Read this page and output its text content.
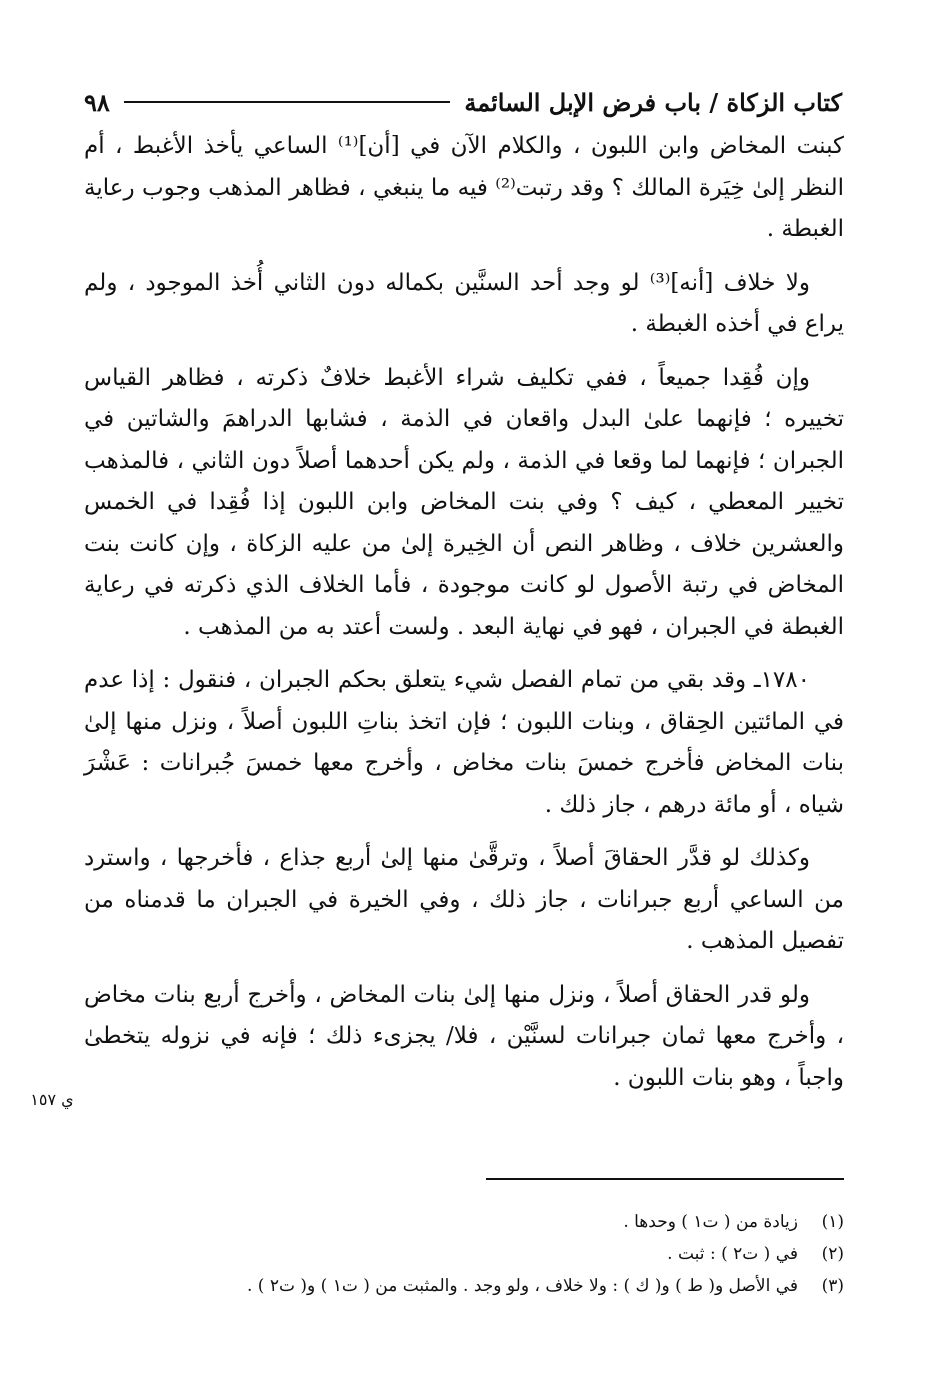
كتاب الزكاة / باب فرض الإبل السائمة
٩٨

كبنت المخاض وابن اللبون ، والكلام الآن في [أن]⁽¹⁾ الساعي يأخذ الأغبط ، أم النظر إلىٰ خِيَرة المالك ؟ وقد رتبت⁽²⁾ فيه ما ينبغي ، فظاهر المذهب وجوب رعاية الغبطة .

ولا خلاف [أنه]⁽³⁾ لو وجد أحد السنَّين بكماله دون الثاني أُخذ الموجود ، ولم يراع في أخذه الغبطة .

وإن فُقِدا جميعاً ، ففي تكليف شراء الأغبط خلافٌ ذكرته ، فظاهر القياس تخييره ؛ فإنهما علىٰ البدل واقعان في الذمة ، فشابها الدراهمَ والشاتين في الجبران ؛ فإنهما لما وقعا في الذمة ، ولم يكن أحدهما أصلاً دون الثاني ، فالمذهب تخيير المعطي ، كيف ؟ وفي بنت المخاض وابن اللبون إذا فُقِدا في الخمس والعشرين خلاف ، وظاهر النص أن الخِيرة إلىٰ من عليه الزكاة ، وإن كانت بنت المخاض في رتبة الأصول لو كانت موجودة ، فأما الخلاف الذي ذكرته في رعاية الغبطة في الجبران ، فهو في نهاية البعد . ولست أعتد به من المذهب .

١٧٨٠ـ وقد بقي من تمام الفصل شيء يتعلق بحكم الجبران ، فنقول : إذا عدم في المائتين الحِقاق ، وبنات اللبون ؛ فإن اتخذ بناتِ اللبون أصلاً ، ونزل منها إلىٰ بنات المخاض فأخرج خمسَ بنات مخاض ، وأخرج معها خمسَ جُبرانات : عَشْرَ شياه ، أو مائة درهم ، جاز ذلك .

وكذلك لو قدَّر الحقاقَ أصلاً ، وترقَّىٰ منها إلىٰ أربع جذاع ، فأخرجها ، واسترد من الساعي أربع جبرانات ، جاز ذلك ، وفي الخيرة في الجبران ما قدمناه من تفصيل المذهب .

ولو قدر الحقاق أصلاً ، ونزل منها إلىٰ بنات المخاض ، وأخرج أربع بنات مخاض ، وأخرج معها ثمان جبرانات لسنَّيْن ، فلا/ يجزىء ذلك ؛ فإنه في نزوله يتخطىٰ واجباً ، وهو بنات اللبون .

ي ١٥٧
(١)
زيادة من ( ت١ ) وحدها .
(٢)
في ( ت٢ ) : ثبت .
(٣)
في الأصل و( ط ) و( ك ) : ولا خلاف ، ولو وجد . والمثبت من ( ت١ ) و( ت٢ ) .
